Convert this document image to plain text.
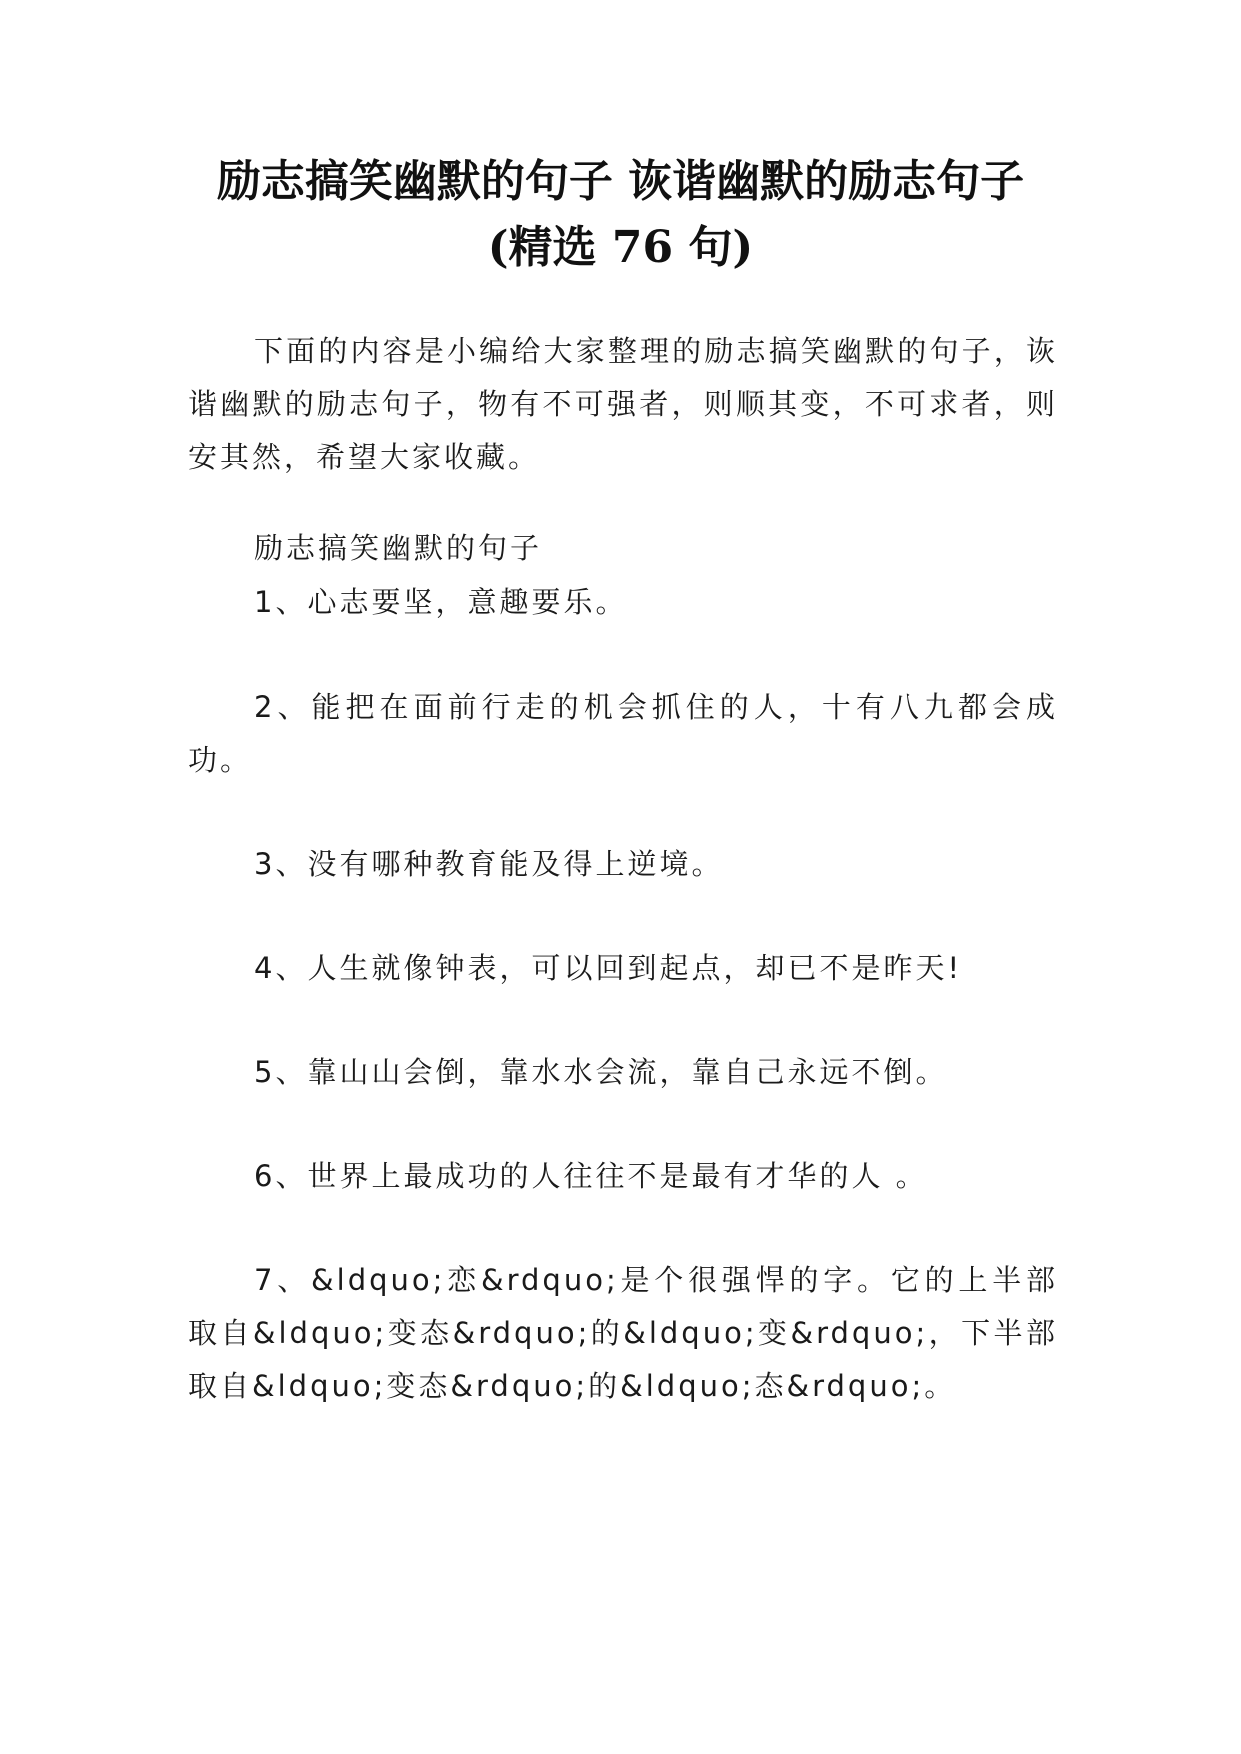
励志搞笑幽默的句子 诙谐幽默的励志句子
(精选 76 句)

下面的内容是小编给大家整理的励志搞笑幽默的句子，诙谐幽默的励志句子，物有不可强者，则顺其变，不可求者，则安其然，希望大家收藏。

励志搞笑幽默的句子

1、心志要坚，意趣要乐。

2、能把在面前行走的机会抓住的人，十有八九都会成功。

3、没有哪种教育能及得上逆境。

4、人生就像钟表，可以回到起点，却已不是昨天!

5、靠山山会倒，靠水水会流，靠自己永远不倒。

6、世界上最成功的人往往不是最有才华的人 。

7、&ldquo;恋&rdquo;是个很强悍的字。它的上半部取自&ldquo;变态&rdquo;的&ldquo;变&rdquo;，下半部取自&ldquo;变态&rdquo;的&ldquo;态&rdquo;。
